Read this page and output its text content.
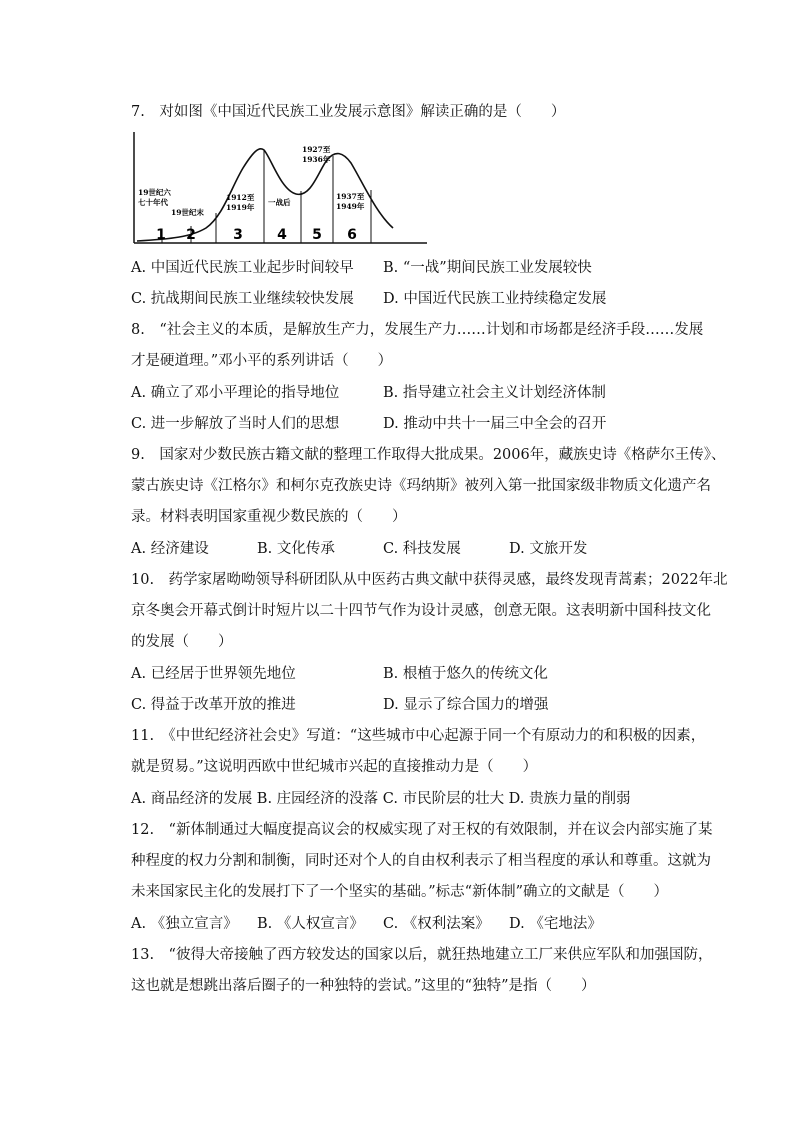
7.　对如图《中国近代民族工业发展示意图》解读正确的是（　　）
1 2	3 4 5 6
19世纪六
七十年代
19世纪末
1912至
1919年
一战后
1927至
1936年
1937至
1949年
A. 中国近代民族工业起步时间较早 B. “一战”期间民族工业发展较快
C. 抗战期间民族工业继续较快发展 D. 中国近代民族工业持续稳定发展
8.　“社会主义的本质，是解放生产力，发展生产力……计划和市场都是经济手段……发展
才是硬道理。”邓小平的系列讲话（　　）
A. 确立了邓小平理论的指导地位	B. 指导建立社会主义计划经济体制
C. 进一步解放了当时人们的思想	D. 推动中共十一届三中全会的召开
9.　国家对少数民族古籍文献的整理工作取得大批成果。2006年，藏族史诗《格萨尔王传》、
蒙古族史诗《江格尔》和柯尔克孜族史诗《玛纳斯》被列入第一批国家级非物质文化遗产名
录。材料表明国家重视少数民族的（　　）
A. 经济建设	B. 文化传承	C. 科技发展	D. 文旅开发
10.　药学家屠呦呦领导科研团队从中医药古典文献中获得灵感，最终发现青蒿素；2022年北
京冬奥会开幕式倒计时短片以二十四节气作为设计灵感，创意无限。这表明新中国科技文化
的发展（　　）
A. 已经居于世界领先地位	B. 根植于悠久的传统文化
C. 得益于改革开放的推进	D. 显示了综合国力的增强
11.　《中世纪经济社会史》写道：“这些城市中心起源于同一个有原动力的和积极的因素，
就是贸易。”这说明西欧中世纪城市兴起的直接推动力是（　　）
A. 商品经济的发展 B. 庄园经济的没落 C. 市民阶层的壮大 D. 贵族力量的削弱
12.　“新体制通过大幅度提高议会的权威实现了对王权的有效限制，并在议会内部实施了某
种程度的权力分割和制衡，同时还对个人的自由权利表示了相当程度的承认和尊重。这就为
未来国家民主化的发展打下了一个坚实的基础。”标志“新体制”确立的文献是（　　）
A. 《独立宣言》 B. 《人权宣言》 C. 《权利法案》 D. 《宅地法》
13.　“彼得大帝接触了西方较发达的国家以后，就狂热地建立工厂来供应军队和加强国防，
这也就是想跳出落后圈子的一种独特的尝试。”这里的“独特”是指（　　）
